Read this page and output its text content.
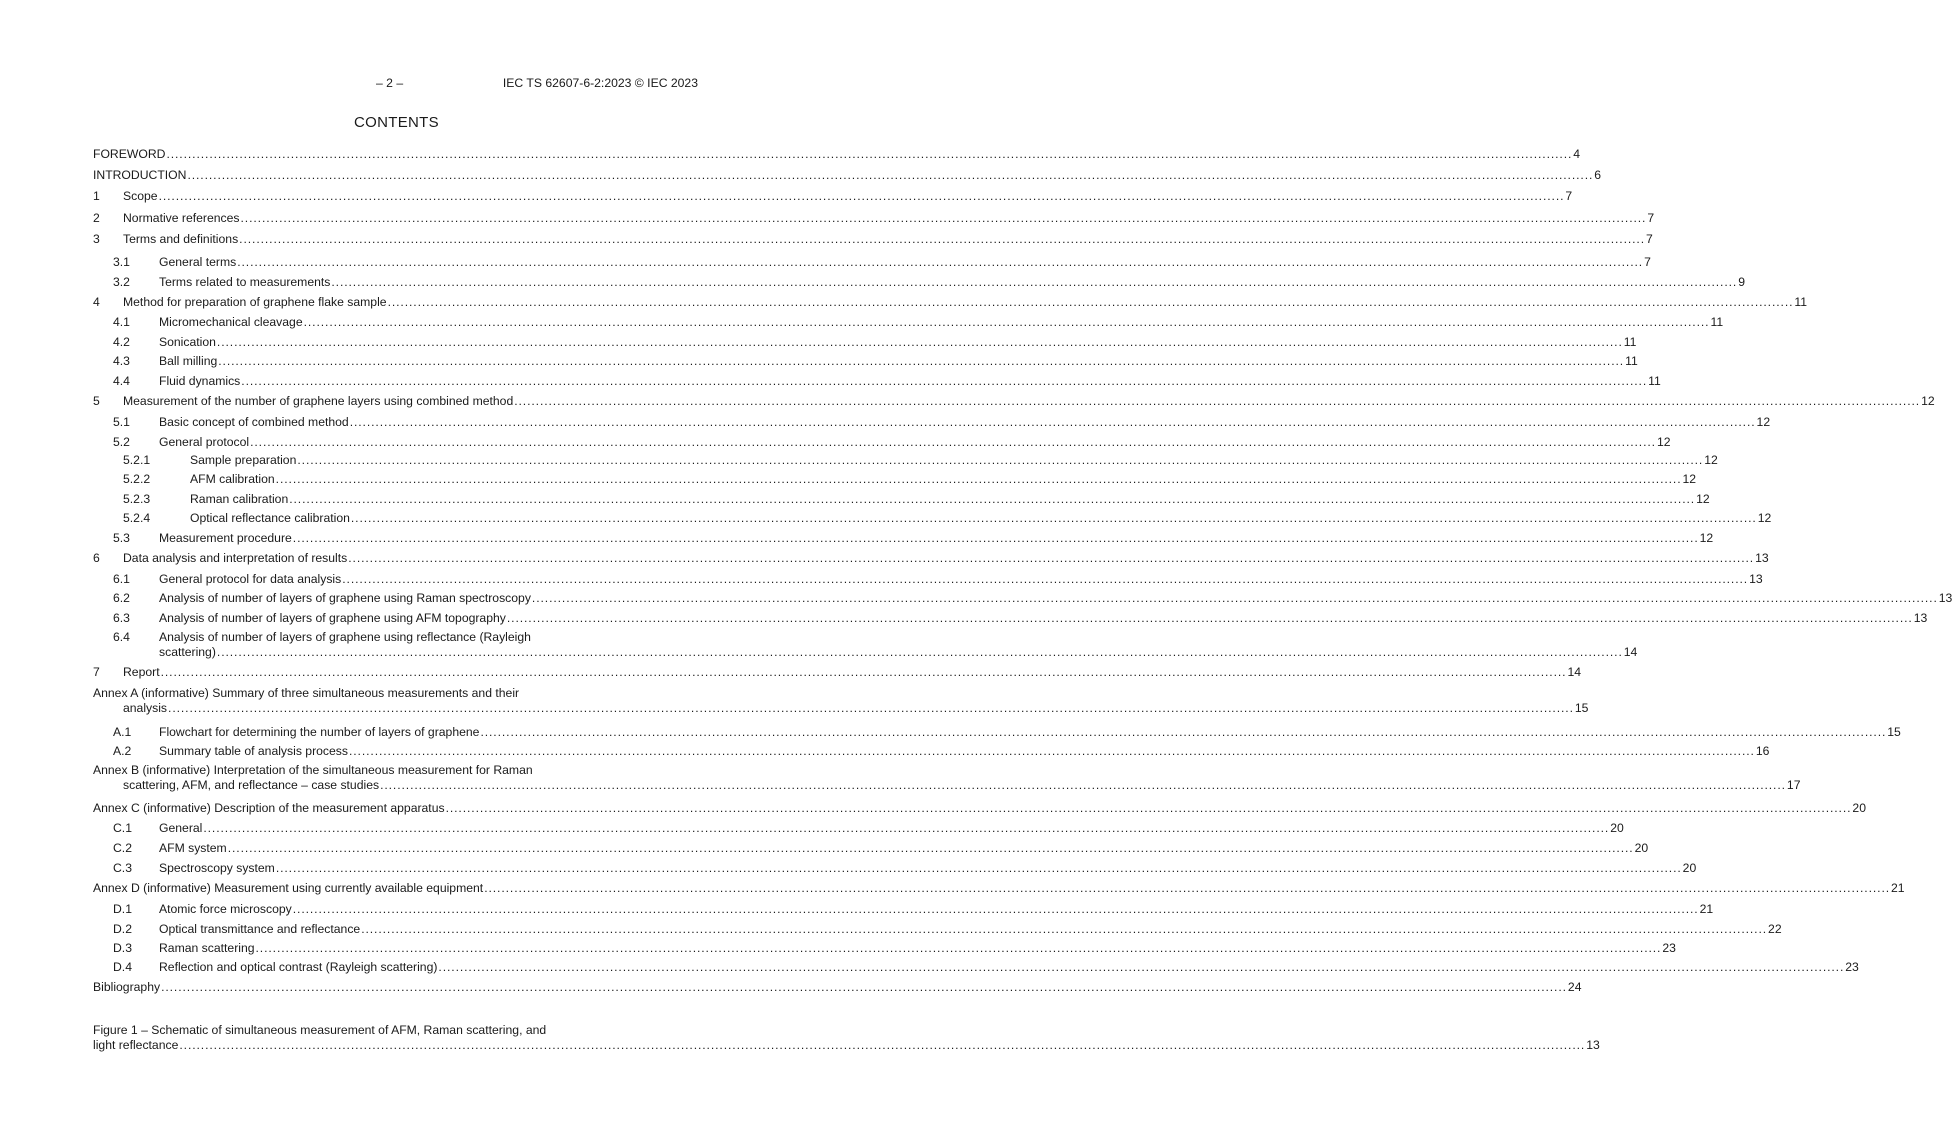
– 2 –	IEC TS 62607-6-2:2023 © IEC 2023
CONTENTS
FOREWORD .....	4
INTRODUCTION .....	6
1	Scope .....	7
2	Normative references .....	7
3	Terms and definitions .....	7
3.1	General terms .....	7
3.2	Terms related to measurements .....	9
4	Method for preparation of graphene flake sample .....	11
4.1	Micromechanical cleavage .....	11
4.2	Sonication .....	11
4.3	Ball milling .....	11
4.4	Fluid dynamics .....	11
5	Measurement of the number of graphene layers using combined method .....	12
5.1	Basic concept of combined method .....	12
5.2	General protocol .....	12
5.2.1	Sample preparation .....	12
5.2.2	AFM calibration .....	12
5.2.3	Raman calibration .....	12
5.2.4	Optical reflectance calibration .....	12
5.3	Measurement procedure .....	12
6	Data analysis and interpretation of results .....	13
6.1	General protocol for data analysis .....	13
6.2	Analysis of number of layers of graphene using Raman spectroscopy .....	13
6.3	Analysis of number of layers of graphene using AFM topography .....	13
6.4 Analysis of number of layers of graphene using reflectance (Rayleigh
scattering) .....	14
7	Report .....	14
Annex A (informative) Summary of three simultaneous measurements and their
analysis .....	15
A.1	Flowchart for determining the number of layers of graphene .....	15
A.2	Summary table of analysis process .....	16
Annex B (informative) Interpretation of the simultaneous measurement for Raman
scattering, AFM, and reflectance – case studies .....	17
Annex C (informative) Description of the measurement apparatus .....	20
C.1	General .....	20
C.2	AFM system .....	20
C.3	Spectroscopy system .....	20
Annex D (informative) Measurement using currently available equipment .....	21
D.1	Atomic force microscopy .....	21
D.2	Optical transmittance and reflectance .....	22
D.3	Raman scattering .....	23
D.4	Reflection and optical contrast (Rayleigh scattering) .....	23
Bibliography .....	24
Figure 1 – Schematic of simultaneous measurement of AFM, Raman scattering, and
light reflectance .....	13
